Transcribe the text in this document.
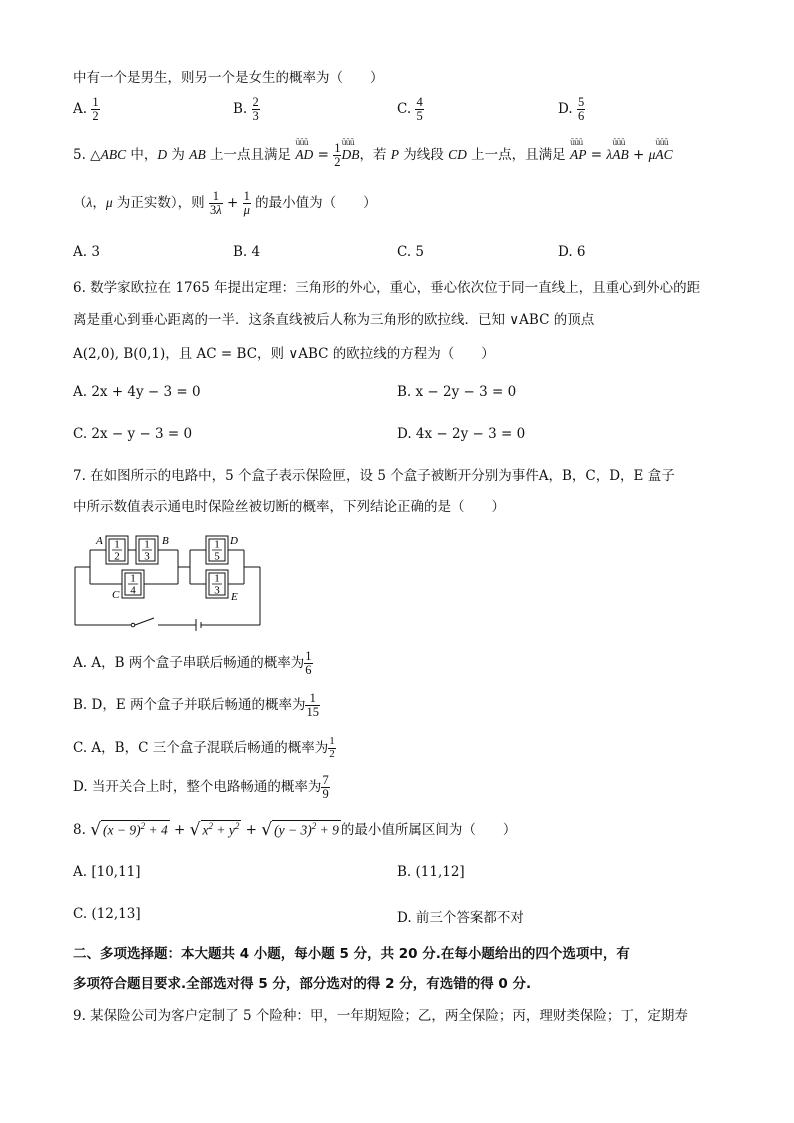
中有一个是男生，则另一个是女生的概率为（　　）
A. $\frac{1}{2}$	B. $\frac{2}{3}$	C. $\frac{4}{5}$	D. $\frac{5}{6}$
5. △ABC 中，D 为 AB 上一点且满足 ūūū AD = $\frac{1}{2}$
ūūū DB，若 P 为线段 CD 上一点，且满足 ūūū AP = λūūū AB + μūūū AC
（λ，μ 为正实数），则 $\frac{1}{3\lambda} + \frac{1}{\mu}$ 的最小值为（　　）
A. 3	B. 4	C. 5	D. 6
6. 数学家欧拉在 1765 年提出定理：三角形的外心，重心，垂心依次位于同一直线上，且重心到外心的距
离是重心到垂心距离的一半．这条直线被后人称为三角形的欧拉线．已知 ∨ABC 的顶点
A(2,0), B(0,1)，且 AC = BC，则 ∨ABC 的欧拉线的方程为（　　）
A. 2x + 4y − 3 = 0	B. x − 2y − 3 = 0
C. 2x − y − 3 = 0	D. 4x − 2y − 3 = 0
7. 在如图所示的电路中，5 个盒子表示保险匣，设 5 个盒子被断开分别为事件A，B，C，D，E 盒子
中所示数值表示通电时保险丝被切断的概率，下列结论正确的是（　　）
1
2
A	1
3
B
1
4
C
1
5
D
1
3
E
A. A，B 两个盒子串联后畅通的概率为 $\frac{1}{6}$
B. D，E 两个盒子并联后畅通的概率为 $\frac{1}{15}$
C. A，B，C 三个盒子混联后畅通的概率为 $\frac{1}{2}$
D. 当开关合上时，整个电路畅通的概率为 $\frac{7}{9}$
8. √ $(x - 9)^2 + 4$ + √ $x^2 + y^2$ + √ $(y - 3)^2 + 9$ 的最小值所属区间为（　　）
A. [10,11]	B. (11,12]
C. (12,13]	D. 前三个答案都不对
二、多项选择题：本大题共 4 小题，每小题 5 分，共 20 分.在每小题给出的四个选项中，有
多项符合题目要求.全部选对得 5 分，部分选对的得 2 分，有选错的得 0 分.
9. 某保险公司为客户定制了 5 个险种：甲，一年期短险；乙，两全保险；丙，理财类保险；丁，定期寿
